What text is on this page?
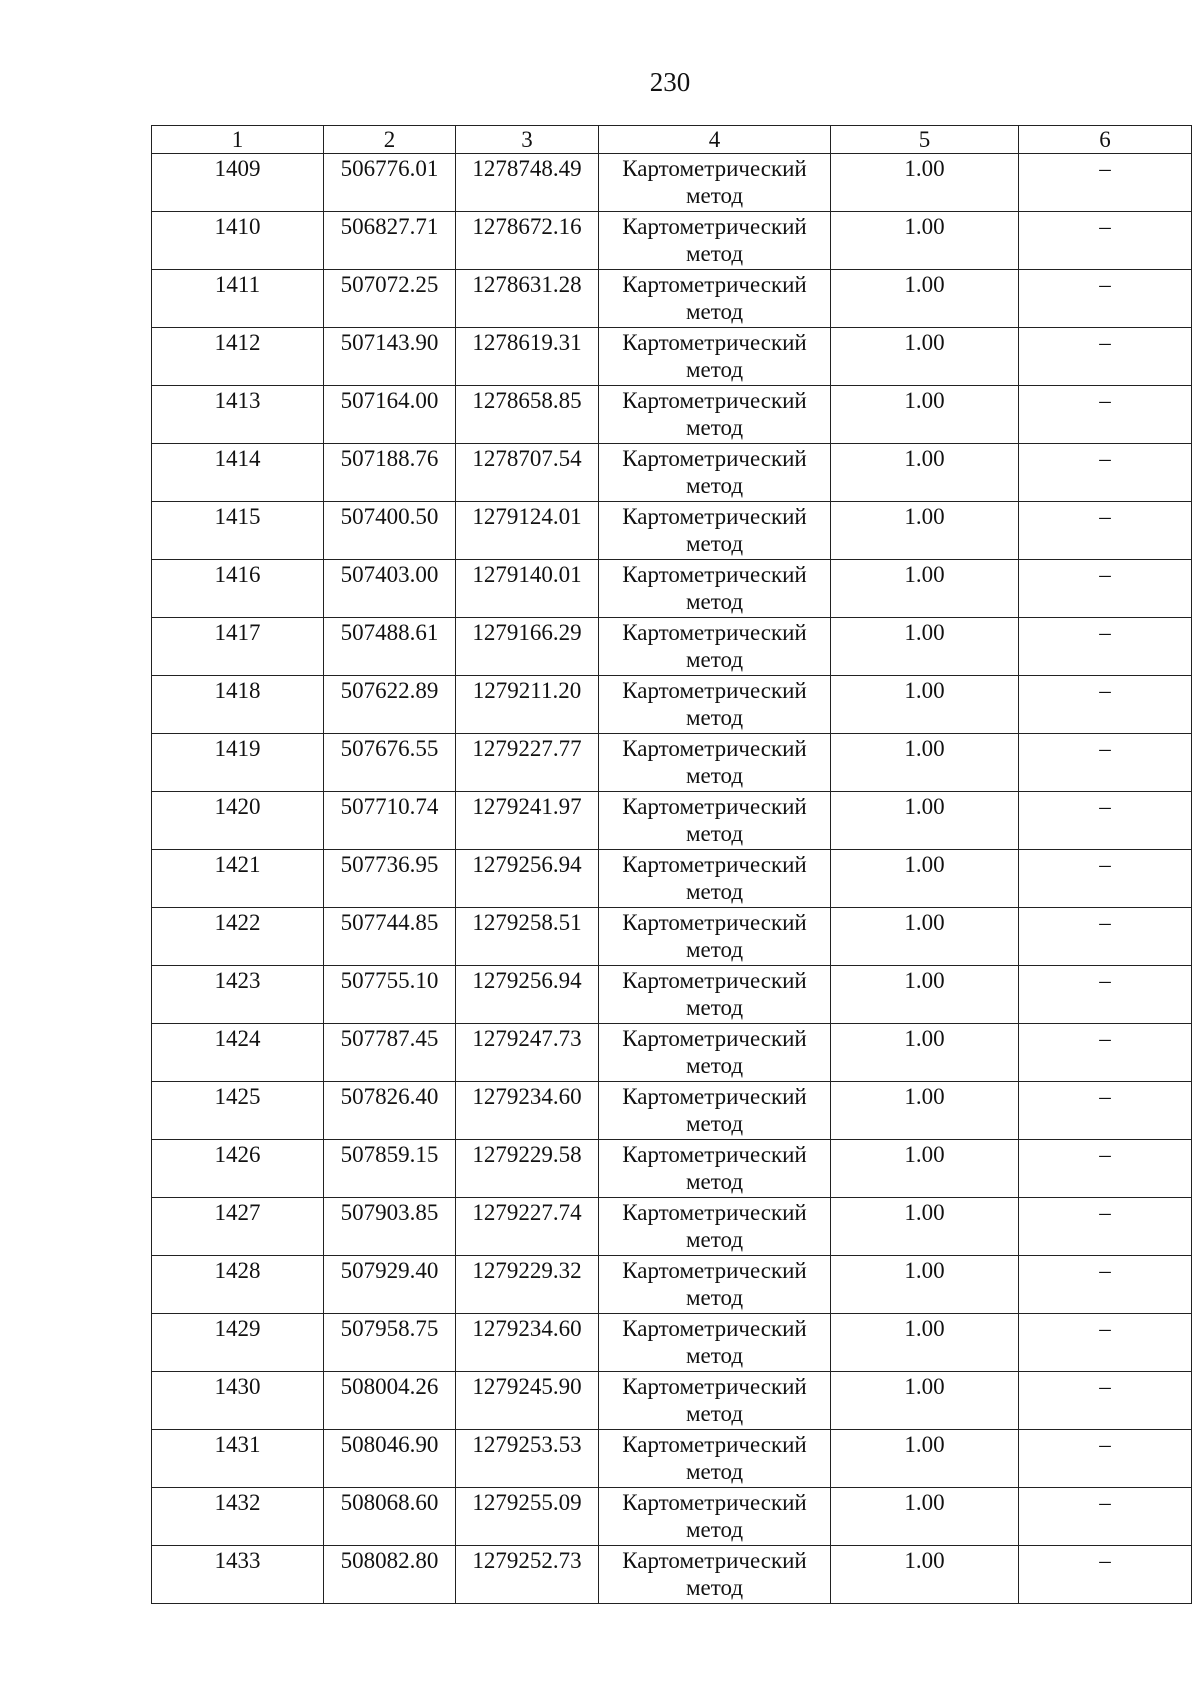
230
1	2	3	4	5	6
1409	506776.01	1278748.49	Картометрический метод	1.00	–
1410	506827.71	1278672.16	Картометрический метод	1.00	–
1411	507072.25	1278631.28	Картометрический метод	1.00	–
1412	507143.90	1278619.31	Картометрический метод	1.00	–
1413	507164.00	1278658.85	Картометрический метод	1.00	–
1414	507188.76	1278707.54	Картометрический метод	1.00	–
1415	507400.50	1279124.01	Картометрический метод	1.00	–
1416	507403.00	1279140.01	Картометрический метод	1.00	–
1417	507488.61	1279166.29	Картометрический метод	1.00	–
1418	507622.89	1279211.20	Картометрический метод	1.00	–
1419	507676.55	1279227.77	Картометрический метод	1.00	–
1420	507710.74	1279241.97	Картометрический метод	1.00	–
1421	507736.95	1279256.94	Картометрический метод	1.00	–
1422	507744.85	1279258.51	Картометрический метод	1.00	–
1423	507755.10	1279256.94	Картометрический метод	1.00	–
1424	507787.45	1279247.73	Картометрический метод	1.00	–
1425	507826.40	1279234.60	Картометрический метод	1.00	–
1426	507859.15	1279229.58	Картометрический метод	1.00	–
1427	507903.85	1279227.74	Картометрический метод	1.00	–
1428	507929.40	1279229.32	Картометрический метод	1.00	–
1429	507958.75	1279234.60	Картометрический метод	1.00	–
1430	508004.26	1279245.90	Картометрический метод	1.00	–
1431	508046.90	1279253.53	Картометрический метод	1.00	–
1432	508068.60	1279255.09	Картометрический метод	1.00	–
1433	508082.80	1279252.73	Картометрический метод	1.00	–
